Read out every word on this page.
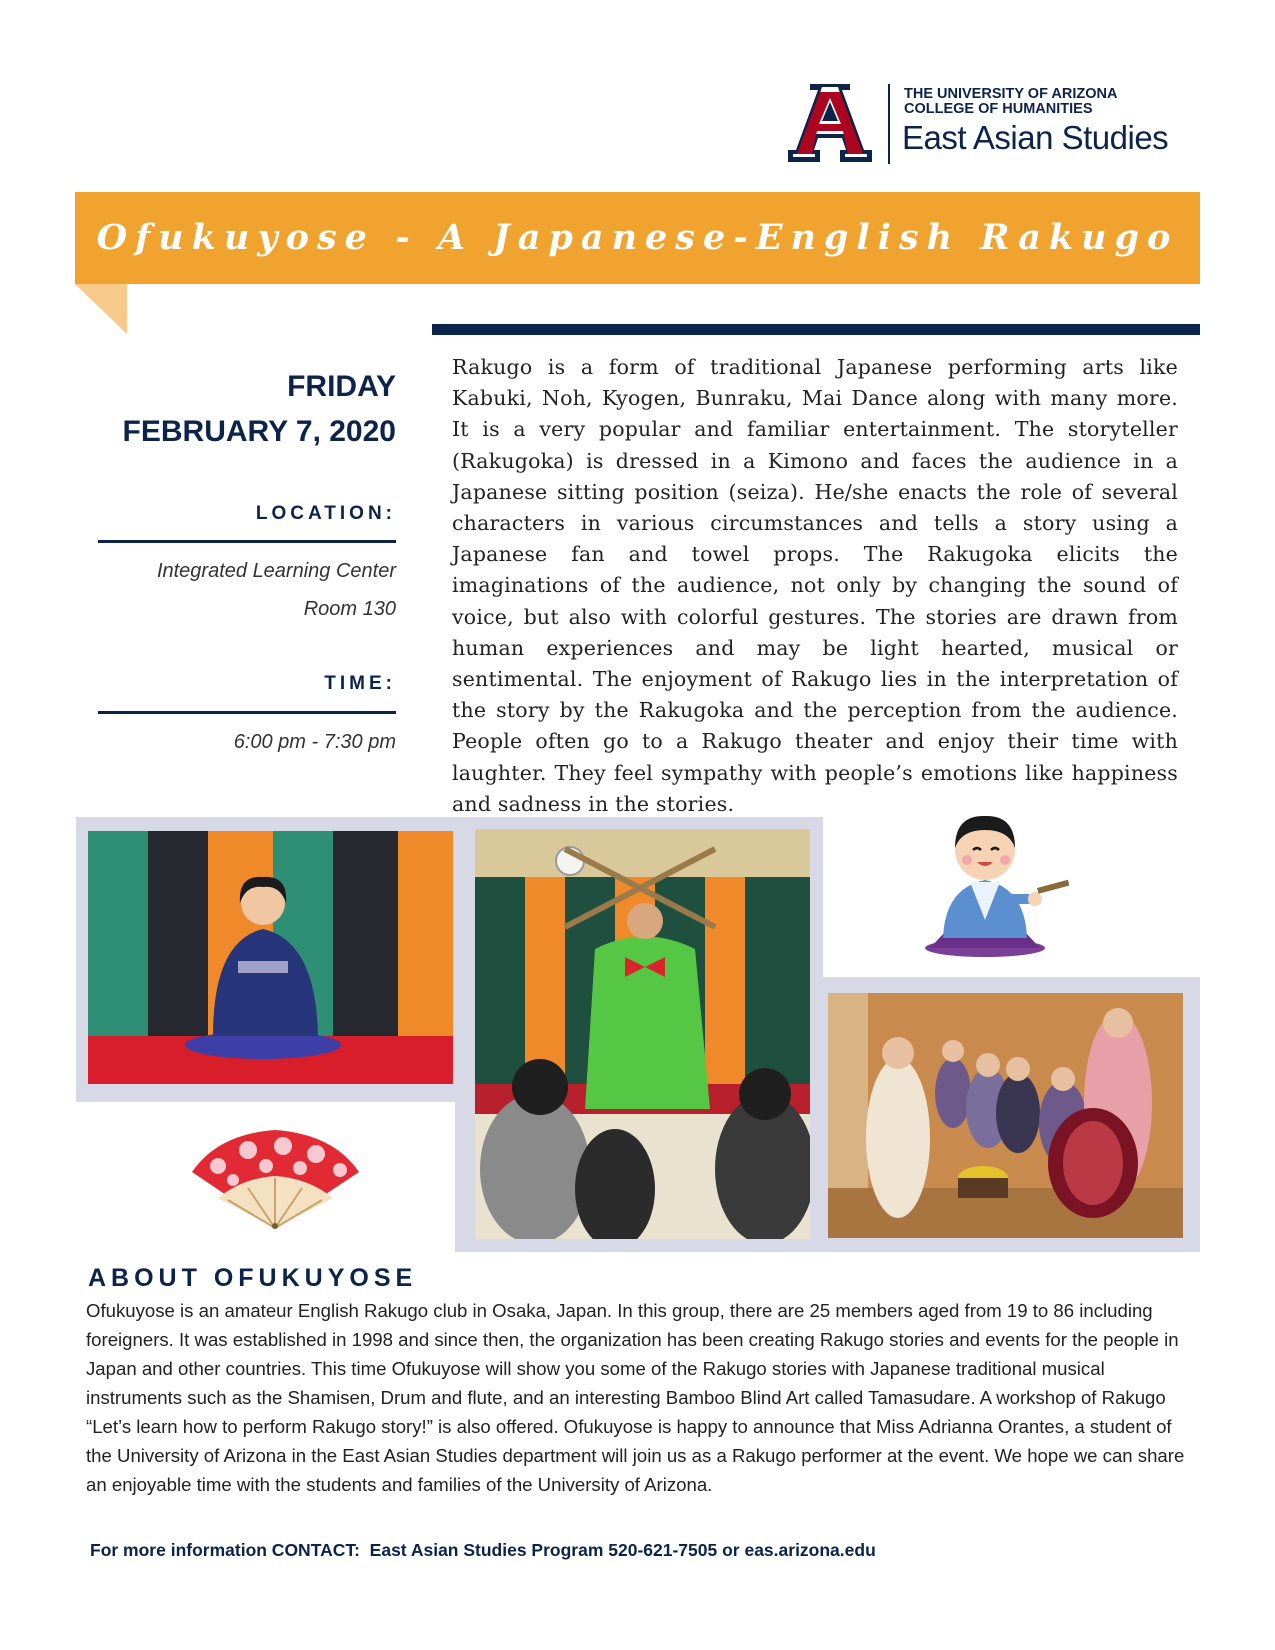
THE UNIVERSITY OF ARIZONA
COLLEGE OF HUMANITIES
East Asian Studies
Ofukuyose - A Japanese-English Rakugo
FRIDAY
FEBRUARY 7, 2020
LOCATION:
Integrated Learning Center
Room 130
TIME:
6:00 pm - 7:30 pm
Rakugo is a form of traditional Japanese performing arts like Kabuki, Noh, Kyogen, Bunraku, Mai Dance along with many more. It is a very popular and familiar entertainment. The storyteller (Rakugoka) is dressed in a Kimono and faces the audience in a Japanese sitting position (seiza). He/she enacts the role of several characters in various circumstances and tells a story using a Japanese fan and towel props. The Rakugoka elicits the imaginations of the audience, not only by changing the sound of voice, but also with colorful gestures. The stories are drawn from human experiences and may be light hearted, musical or sentimental. The enjoyment of Rakugo lies in the interpretation of the story by the Rakugoka and the perception from the audience. People often go to a Rakugo theater and enjoy their time with laughter. They feel sympathy with people’s emotions like happiness and sadness in the stories.
ABOUT OFUKUYOSE
Ofukuyose is an amateur English Rakugo club in Osaka, Japan. In this group, there are 25 members aged from 19 to 86 including foreigners. It was established in 1998 and since then, the organization has been creating Rakugo stories and events for the people in Japan and other countries. This time Ofukuyose will show you some of the Rakugo stories with Japanese traditional musical instruments such as the Shamisen, Drum and flute, and an interesting Bamboo Blind Art called Tamasudare. A workshop of Rakugo “Let’s learn how to perform Rakugo story!” is also offered. Ofukuyose is happy to announce that Miss Adrianna Orantes, a student of the University of Arizona in the East Asian Studies department will join us as a Rakugo performer at the event. We hope we can share an enjoyable time with the students and families of the University of Arizona.
For more information CONTACT:  East Asian Studies Program 520-621-7505 or eas.arizona.edu
